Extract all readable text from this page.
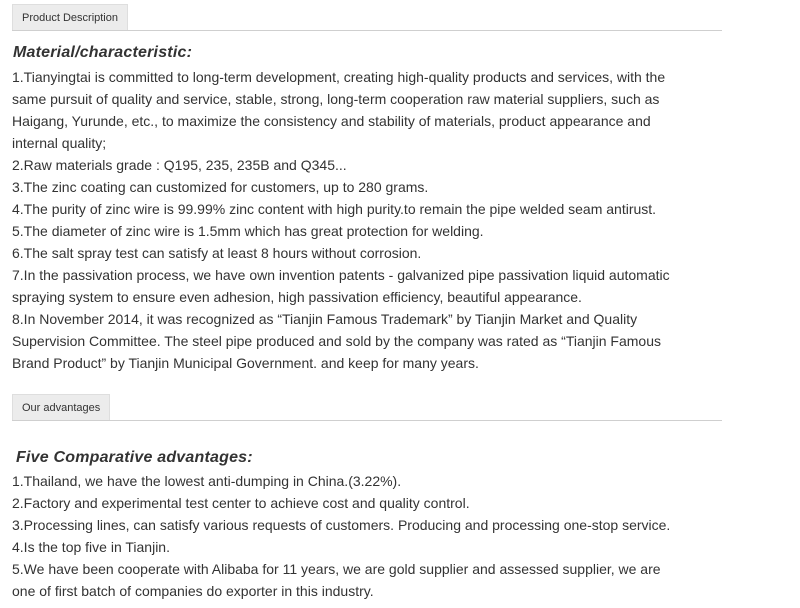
Product Description
Material/characteristic:
1.Tianyingtai is committed to long-term development, creating high-quality products and services, with the
same pursuit of quality and service, stable, strong, long-term cooperation raw material suppliers, such as
Haigang, Yurunde, etc., to maximize the consistency and stability of materials, product appearance and
internal quality;
2.Raw materials grade : Q195, 235, 235B and Q345...
3.The zinc coating can customized for customers, up to 280 grams.
4.The purity of zinc wire is 99.99% zinc content with high purity.to remain the pipe welded seam antirust.
5.The diameter of zinc wire is 1.5mm which has great protection for welding.
6.The salt spray test can satisfy at least 8 hours without corrosion.
7.In the passivation process, we have own invention patents - galvanized pipe passivation liquid automatic
spraying system to ensure even adhesion, high passivation efficiency, beautiful appearance.
8.In November 2014, it was recognized as “Tianjin Famous Trademark” by Tianjin Market and Quality
Supervision Committee. The steel pipe produced and sold by the company was rated as “Tianjin Famous
Brand Product” by Tianjin Municipal Government. and keep for many years.
Our advantages
Five Comparative advantages:
1.Thailand, we have the lowest anti-dumping in China.(3.22%).
2.Factory and experimental test center to achieve cost and quality control.
3.Processing lines, can satisfy various requests of customers. Producing and processing one-stop service.
4.Is the top five in Tianjin.
5.We have been cooperate with Alibaba for 11 years, we are gold supplier and assessed supplier, we are
one of first batch of companies do exporter in this industry.
